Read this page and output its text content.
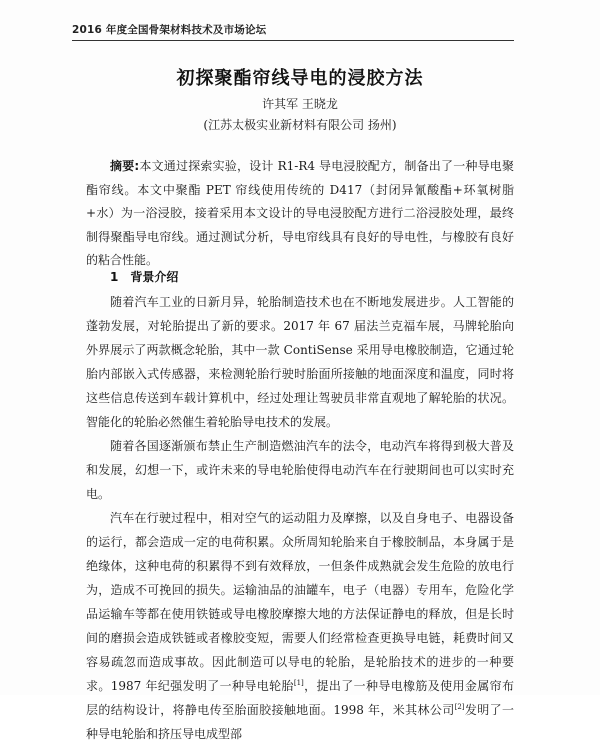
2016 年度全国骨架材料技术及市场论坛
初探聚酯帘线导电的浸胶方法
许其军 王晓龙
(江苏太极实业新材料有限公司 扬州)
摘要:本文通过探索实验，设计 R1-R4 导电浸胶配方，制备出了一种导电聚酯帘线。本文中聚酯 PET 帘线使用传统的 D417（封闭异氰酸酯+环氧树脂+水）为一浴浸胶，接着采用本文设计的导电浸胶配方进行二浴浸胶处理，最终制得聚酯导电帘线。通过测试分析，导电帘线具有良好的导电性，与橡胶有良好的粘合性能。
1 背景介绍

随着汽车工业的日新月异，轮胎制造技术也在不断地发展进步。人工智能的蓬勃发展，对轮胎提出了新的要求。2017 年 67 届法兰克福车展，马牌轮胎向外界展示了两款概念轮胎，其中一款 ContiSense 采用导电橡胶制造，它通过轮胎内部嵌入式传感器，来检测轮胎行驶时胎面所接触的地面深度和温度，同时将这些信息传送到车载计算机中，经过处理让驾驶员非常直观地了解轮胎的状况。智能化的轮胎必然催生着轮胎导电技术的发展。

随着各国逐渐颁布禁止生产制造燃油汽车的法令，电动汽车将得到极大普及和发展，幻想一下，或许未来的导电轮胎使得电动汽车在行驶期间也可以实时充电。

汽车在行驶过程中，相对空气的运动阻力及摩擦，以及自身电子、电器设备的运行，都会造成一定的电荷积累。众所周知轮胎来自于橡胶制品，本身属于是绝缘体，这种电荷的积累得不到有效释放，一但条件成熟就会发生危险的放电行为，造成不可挽回的损失。运输油品的油罐车，电子（电器）专用车，危险化学品运输车等都在使用铁链或导电橡胶摩擦大地的方法保证静电的释放，但是长时间的磨损会造成铁链或者橡胶变短，需要人们经常检查更换导电链，耗费时间又容易疏忽而造成事故。因此制造可以导电的轮胎，是轮胎技术的进步的一种要求。1987 年纪强发明了一种导电轮胎[1]，提出了一种导电橡筋及使用金属帘布层的结构设计，将静电传至胎面胶接触地面。1998 年，米其林公司[2]发明了一种导电轮胎和挤压导电成型部
